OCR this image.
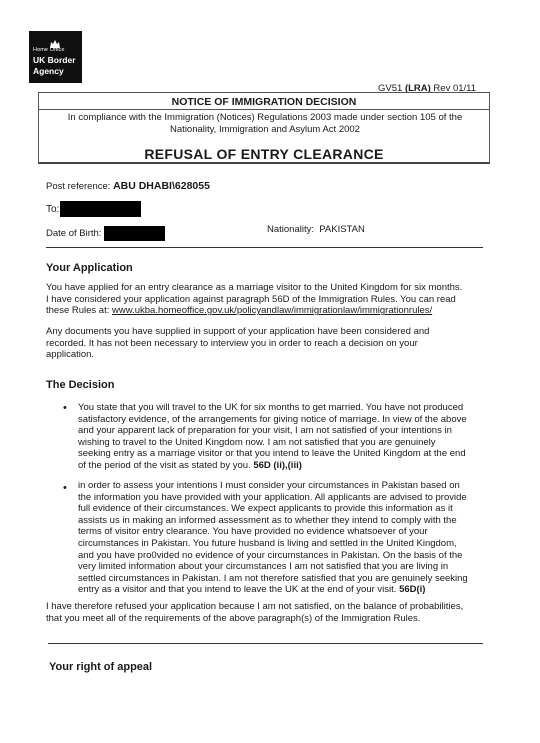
Home Office
UK Border
Agency
GV51 (LRA) Rev 01/11
NOTICE OF IMMIGRATION DECISION
In compliance with the Immigration (Notices) Regulations 2003 made under section 105 of the
Nationality, Immigration and Asylum Act 2002
REFUSAL OF ENTRY CLEARANCE
Post reference: ABU DHABI\628055
To:
Date of Birth:	Nationality: PAKISTAN
Your Application
You have applied for an entry clearance as a marriage visitor to the United Kingdom for six months.
I have considered your application against paragraph 56D of the Immigration Rules. You can read
these Rules at: www.ukba.homeoffice.gov.uk/policyandlaw/immigrationlaw/immigrationrules/
Any documents you have supplied in support of your application have been considered and
recorded. It has not been necessary to interview you in order to reach a decision on your
application.
The Decision
• You state that you will travel to the UK for six months to get married. You have not produced
satisfactory evidence, of the arrangements for giving notice of marriage. In view of the above
and your apparent lack of preparation for your visit, I am not satisfied of your intentions in
wishing to travel to the United Kingdom now. I am not satisfied that you are genuinely
seeking entry as a marriage visitor or that you intend to leave the United Kingdom at the end
of the period of the visit as stated by you. 56D (ii),(iii)
• in order to assess your intentions I must consider your circumstances in Pakistan based on
the information you have provided with your application. All applicants are advised to provide
full evidence of their circumstances. We expect applicants to provide this information as it
assists us in making an informed assessment as to whether they intend to comply with the
terms of visitor entry clearance. You have provided no evidence whatsoever of your
circumstances in Pakistan. You future husband is living and settled in the United Kingdom,
and you have pro0vided no evidence of your circumstances in Pakistan. On the basis of the
very limited information about your circumstances I am not satisfied that you are living in
settled circumstances in Pakistan. I am not therefore satisfied that you are genuinely seeking
entry as a visitor and that you intend to leave the UK at the end of your visit. 56D(i)
I have therefore refused your application because I am not satisfied, on the balance of probabilities,
that you meet all of the requirements of the above paragraph(s) of the Immigration Rules.
Your right of appeal
